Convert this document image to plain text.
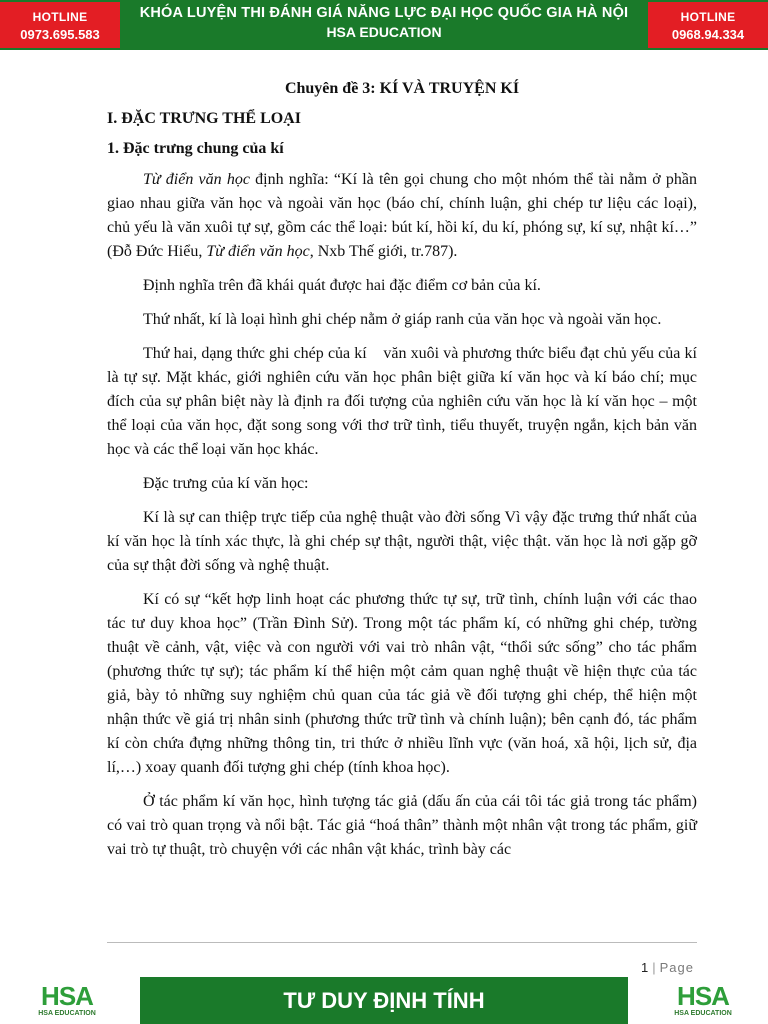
HOTLINE
0973.695.583
KHÓA LUYỆN THI ĐÁNH GIÁ NĂNG LỰC ĐẠI HỌC QUỐC GIA HÀ NỘI
HSA EDUCATION
HOTLINE
0968.94.334
Chuyên đề 3: KÍ VÀ TRUYỆN KÍ
I. ĐẶC TRƯNG THỂ LOẠI
1. Đặc trưng chung của kí

Từ điển văn học định nghĩa: “Kí là tên gọi chung cho một nhóm thể tài nằm ở phần giao nhau giữa văn học và ngoài văn học (báo chí, chính luận, ghi chép tư liệu các loại), chủ yếu là văn xuôi tự sự, gồm các thể loại: bút kí, hồi kí, du kí, phóng sự, kí sự, nhật kí…” (Đỗ Đức Hiểu, Từ điển văn học, Nxb Thế giới, tr.787).

Định nghĩa trên đã khái quát được hai đặc điểm cơ bản của kí.

Thứ nhất, kí là loại hình ghi chép nằm ở giáp ranh của văn học và ngoài văn học.

Thứ hai, dạng thức ghi chép của kí    văn xuôi và phương thức biểu đạt chủ yếu của kí là tự sự. Mặt khác, giới nghiên cứu văn học phân biệt giữa kí văn học và kí báo chí; mục đích của sự phân biệt này là định ra đối tượng của nghiên cứu văn học là kí văn học – một thể loại của văn học, đặt song song với thơ trữ tình, tiểu thuyết, truyện ngắn, kịch bản văn học và các thể loại văn học khác.

Đặc trưng của kí văn học:

Kí là sự can thiệp trực tiếp của nghệ thuật vào đời sống Vì vậy đặc trưng thứ nhất của kí văn học là tính xác thực, là ghi chép sự thật, người thật, việc thật. văn học là nơi gặp gỡ của sự thật đời sống và nghệ thuật.

Kí có sự “kết hợp linh hoạt các phương thức tự sự, trữ tình, chính luận với các thao tác tư duy khoa học” (Trần Đình Sử). Trong một tác phẩm kí, có những ghi chép, tường thuật về cảnh, vật, việc và con người với vai trò nhân vật, “thổi sức sống” cho tác phẩm (phương thức tự sự); tác phẩm kí thể hiện một cảm quan nghệ thuật về hiện thực của tác giả, bày tỏ những suy nghiệm chủ quan của tác giả về đối tượng ghi chép, thể hiện một nhận thức về giá trị nhân sinh (phương thức trữ tình và chính luận); bên cạnh đó, tác phẩm kí còn chứa đựng những thông tin, tri thức ở nhiều lĩnh vực (văn hoá, xã hội, lịch sử, địa lí,…) xoay quanh đối tượng ghi chép (tính khoa học).

Ở tác phẩm kí văn học, hình tượng tác giả (dấu ấn của cái tôi tác giả trong tác phẩm) có vai trò quan trọng và nổi bật. Tác giả “hoá thân” thành một nhân vật trong tác phẩm, giữ vai trò tự thuật, trò chuyện với các nhân vật khác, trình bày các

1 | Page
HSA
HSA EDUCATION
TƯ DUY ĐỊNH TÍNH	HSA
HSA EDUCATION
